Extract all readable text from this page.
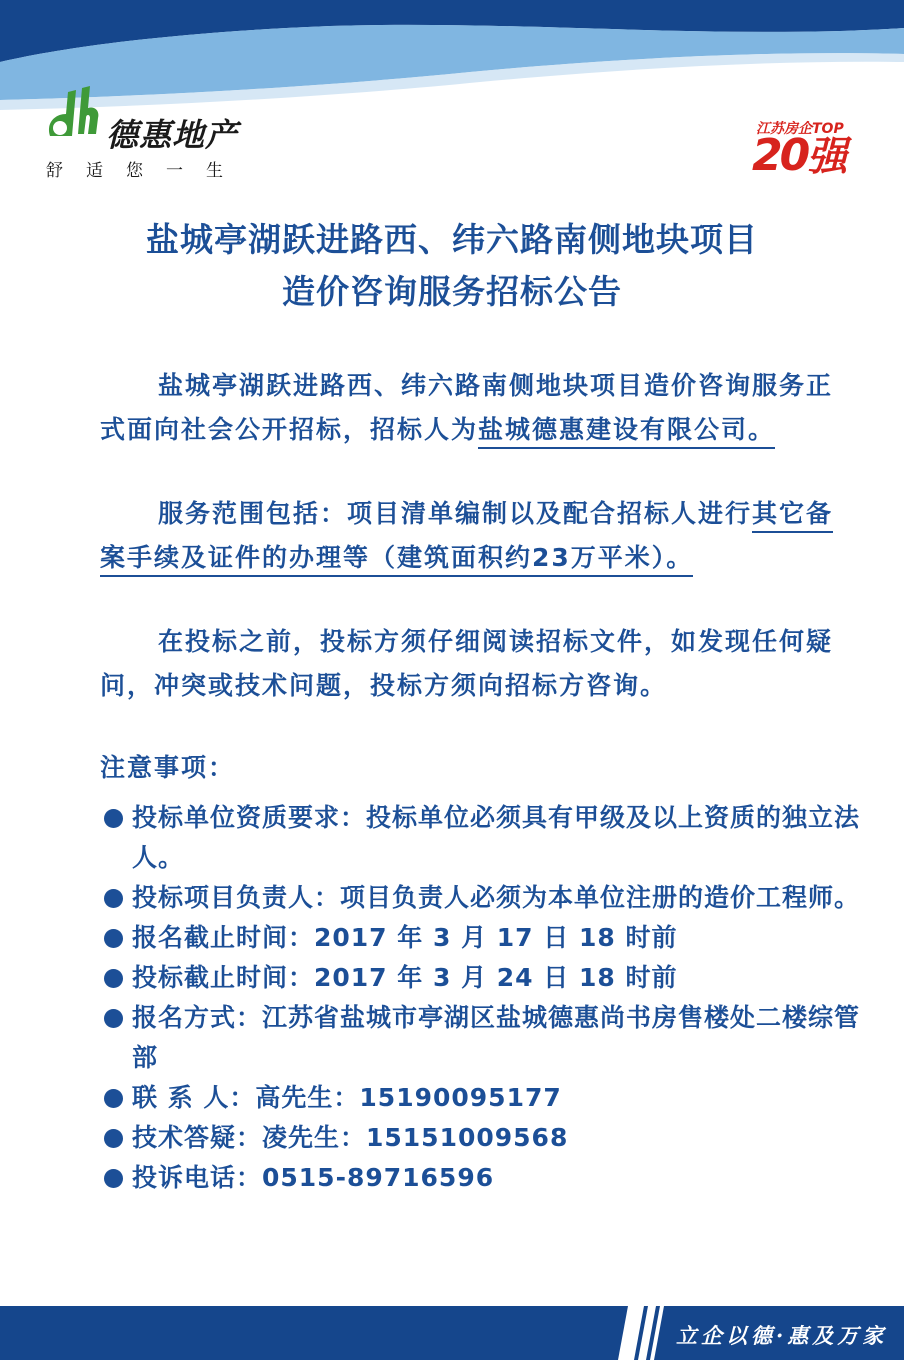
德惠地产
舒适您一生
江苏房企TOP
20强
盐城亭湖跃进路西、纬六路南侧地块项目
造价咨询服务招标公告
盐城亭湖跃进路西、纬六路南侧地块项目造价咨询服务正式面向社会公开招标，招标人为盐城德惠建设有限公司。
服务范围包括：项目清单编制以及配合招标人进行其它备案手续及证件的办理等（建筑面积约23万平米）。
在投标之前，投标方须仔细阅读招标文件，如发现任何疑问，冲突或技术问题，投标方须向招标方咨询。
注意事项：
投标单位资质要求：投标单位必须具有甲级及以上资质的独立法人。
投标项目负责人：项目负责人必须为本单位注册的造价工程师。
报名截止时间：2017 年 3 月 17 日 18 时前
投标截止时间：2017 年 3 月 24 日 18 时前
报名方式：江苏省盐城市亭湖区盐城德惠尚书房售楼处二楼综管部
联 系 人：高先生：15190095177
技术答疑：凌先生：15151009568
投诉电话：0515-89716596
立企以德·惠及万家
